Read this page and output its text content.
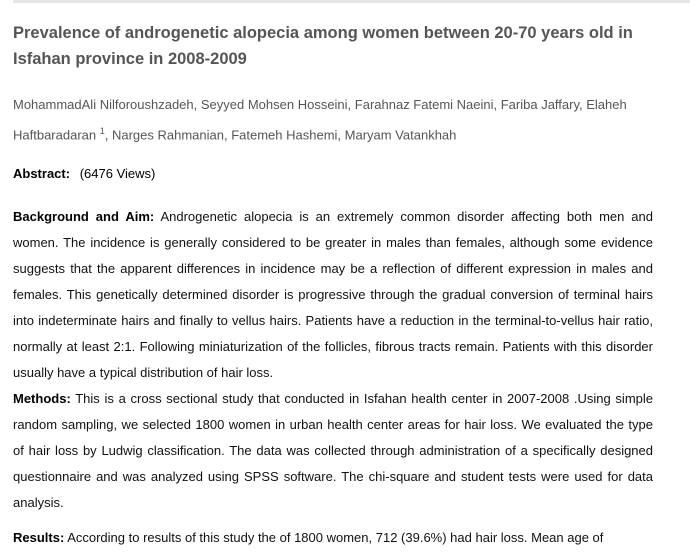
Prevalence of androgenetic alopecia among women between 20-70 years old in Isfahan province in 2008-2009
MohammadAli Nilforoushzadeh, Seyyed Mohsen Hosseini, Farahnaz Fatemi Naeini, Fariba Jaffary, Elaheh Haftbaradaran $^1$, Narges Rahmanian, Fatemeh Hashemi, Maryam Vatankhah
Abstract: (6476 Views)
Background and Aim: Androgenetic alopecia is an extremely common disorder affecting both men and women. The incidence is generally considered to be greater in males than females, although some evidence suggests that the apparent differences in incidence may be a reflection of different expression in males and females. This genetically determined disorder is progressive through the gradual conversion of terminal hairs into indeterminate hairs and finally to vellus hairs. Patients have a reduction in the terminal-to-vellus hair ratio, normally at least 2:1. Following miniaturization of the follicles, fibrous tracts remain. Patients with this disorder usually have a typical distribution of hair loss.
Methods: This is a cross sectional study that conducted in Isfahan health center in 2007-2008 .Using simple random sampling, we selected 1800 women in urban health center areas for hair loss. We evaluated the type of hair loss by Ludwig classification. The data was collected through administration of a specifically designed questionnaire and was analyzed using SPSS software. The chi-square and student tests were used for data analysis.
Results: According to results of this study the of 1800 women, 712 (39.6%) had hair loss. Mean age of
